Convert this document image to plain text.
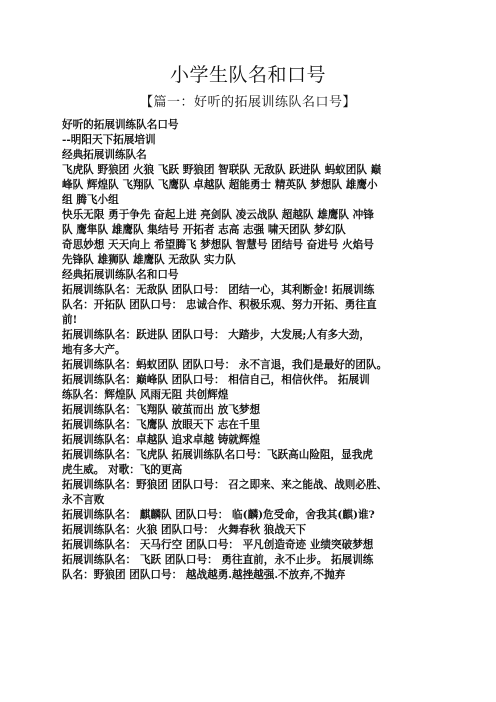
小学生队名和口号
【篇一：好听的拓展训练队名口号】
好听的拓展训练队名口号
--明阳天下拓展培训
经典拓展训练队名
飞虎队 野狼团 火狼 飞跃 野狼团 智联队 无敌队 跃进队 蚂蚁团队 巅
峰队 辉煌队 飞翔队 飞鹰队 卓越队 超能勇士 精英队 梦想队 雄鹰小
组 腾飞小组
快乐无限 勇于争先 奋起上进 亮剑队 凌云战队 超越队 雄鹰队 冲锋
队 鹰隼队 雄鹰队 集结号 开拓者 志高 志强 啸天团队 梦幻队
奇思妙想 天天向上 希望腾飞 梦想队 智慧号 团结号 奋进号 火焰号
先锋队 雄狮队 雄鹰队 无敌队 实力队
经典拓展训练队名和口号
拓展训练队名：无敌队 团队口号： 团结一心，其利断金! 拓展训练
队名：开拓队 团队口号： 忠诚合作、积极乐观、努力开拓、勇往直
前!
拓展训练队名：跃进队 团队口号： 大踏步，大发展;人有多大劲，
地有多大产。
拓展训练队名：蚂蚁团队 团队口号： 永不言退，我们是最好的团队。
拓展训练队名：巅峰队 团队口号： 相信自己，相信伙伴。 拓展训
练队名：辉煌队 风雨无阻 共创辉煌
拓展训练队名：飞翔队 破茧而出 放飞梦想
拓展训练队名：飞鹰队 放眼天下 志在千里
拓展训练队名：卓越队 追求卓越 铸就辉煌
拓展训练队名：飞虎队 拓展训练队名口号：飞跃高山险阻，显我虎
虎生威。 对歌：飞的更高
拓展训练队名：野狼团 团队口号： 召之即来、来之能战、战则必胜、
永不言败
拓展训练队名： 麒麟队 团队口号： 临(麟)危受命，舍我其(麒)谁?
拓展训练队名：火狼 团队口号： 火舞春秋 狼战天下
拓展训练队名： 天马行空 团队口号： 平凡创造奇迹 业绩突破梦想
拓展训练队名： 飞跃 团队口号： 勇往直前，永不止步。 拓展训练
队名：野狼团 团队口号： 越战越勇.越挫越强.不放弃,不抛弃
